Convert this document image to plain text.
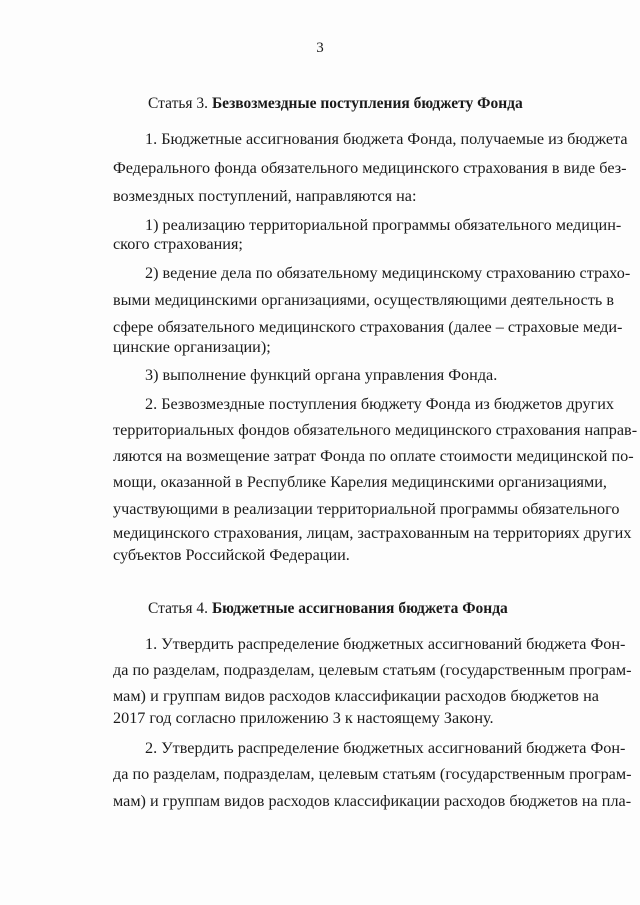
3
Статья 3. Безвозмездные поступления бюджету Фонда
1. Бюджетные ассигнования бюджета Фонда, получаемые из бюджета
Федерального фонда обязательного медицинского страхования в виде без-
возмездных поступлений, направляются на:
1) реализацию территориальной программы обязательного медицин-
ского страхования;
2) ведение дела по обязательному медицинскому страхованию страхо-
выми медицинскими организациями, осуществляющими деятельность в
сфере обязательного медицинского страхования (далее – страховые меди-
цинские организации);
3) выполнение функций органа управления Фонда.
2. Безвозмездные поступления бюджету Фонда из бюджетов других
территориальных фондов обязательного медицинского страхования направ-
ляются на возмещение затрат Фонда по оплате стоимости медицинской по-
мощи, оказанной в Республике Карелия медицинскими организациями,
участвующими в реализации территориальной программы обязательного
медицинского страхования, лицам, застрахованным на территориях других
субъектов Российской Федерации.
Статья 4. Бюджетные ассигнования бюджета Фонда
1. Утвердить распределение бюджетных ассигнований бюджета Фон-
да по разделам, подразделам, целевым статьям (государственным програм-
мам) и группам видов расходов классификации расходов бюджетов на
2017 год согласно приложению 3 к настоящему Закону.
2. Утвердить распределение бюджетных ассигнований бюджета Фон-
да по разделам, подразделам, целевым статьям (государственным програм-
мам) и группам видов расходов классификации расходов бюджетов на пла-
